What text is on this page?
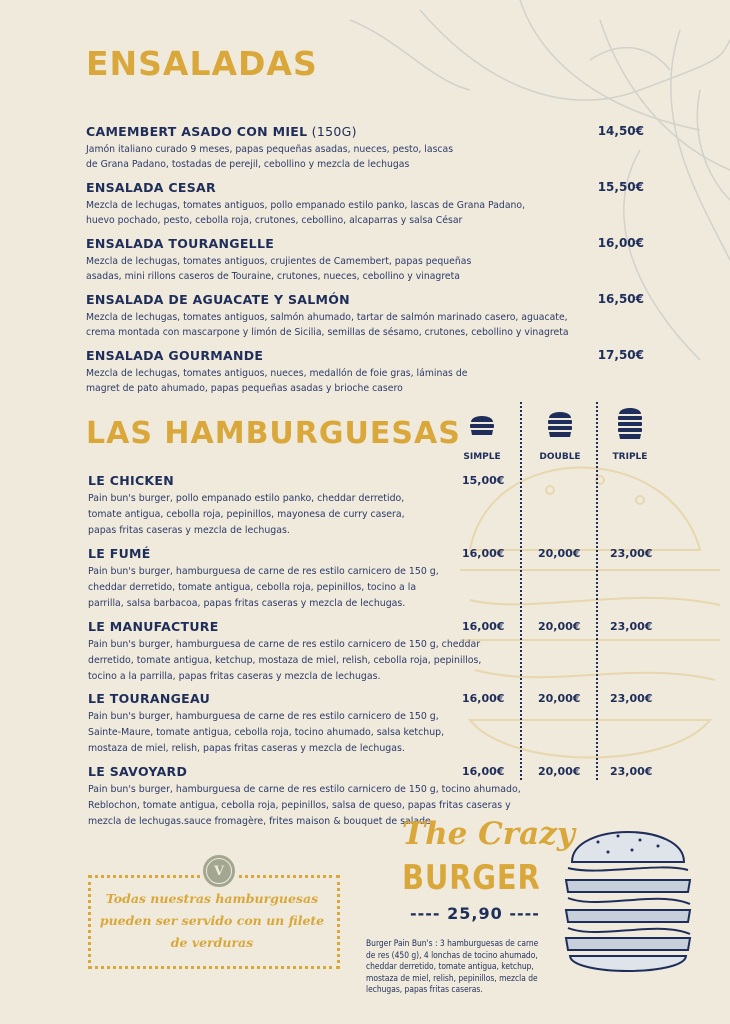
ENSALADAS
CAMEMBERT ASADO CON MIEL (150G)	14,50€
Jamón italiano curado 9 meses, papas pequeñas asadas, nueces, pesto, lascas de Grana Padano, tostadas de perejil, cebollino y mezcla de lechugas
ENSALADA CESAR	15,50€
Mezcla de lechugas, tomates antiguos, pollo empanado estilo panko, lascas de Grana Padano, huevo pochado, pesto, cebolla roja, crutones, cebollino, alcaparras y salsa César
ENSALADA TOURANGELLE	16,00€
Mezcla de lechugas, tomates antiguos, crujientes de Camembert, papas pequeñas asadas, mini rillons caseros de Touraine, crutones, nueces, cebollino y vinagreta
ENSALADA DE AGUACATE Y SALMÓN	16,50€
Mezcla de lechugas, tomates antiguos, salmón ahumado, tartar de salmón marinado casero, aguacate, crema montada con mascarpone y limón de Sicilia, semillas de sésamo, crutones, cebollino y vinagreta
ENSALADA GOURMANDE	17,50€
Mezcla de lechugas, tomates antiguos, nueces, medallón de foie gras, láminas de magret de pato ahumado, papas pequeñas asadas y brioche casero
LAS HAMBURGUESAS
SIMPLE	DOUBLE	TRIPLE
LE CHICKEN	15,00€
Pain bun's burger, pollo empanado estilo panko, cheddar derretido, tomate antigua, cebolla roja, pepinillos, mayonesa de curry casera, papas fritas caseras y mezcla de lechugas.
LE FUMÉ	16,00€	20,00€	23,00€
Pain bun's burger, hamburguesa de carne de res estilo carnicero de 150 g, cheddar derretido, tomate antigua, cebolla roja, pepinillos, tocino a la parrilla, salsa barbacoa, papas fritas caseras y mezcla de lechugas.
LE MANUFACTURE	16,00€	20,00€	23,00€
Pain bun's burger, hamburguesa de carne de res estilo carnicero de 150 g, cheddar derretido, tomate antigua, ketchup, mostaza de miel, relish, cebolla roja, pepinillos, tocino a la parrilla, papas fritas caseras y mezcla de lechugas.
LE TOURANGEAU	16,00€	20,00€	23,00€
Pain bun's burger, hamburguesa de carne de res estilo carnicero de 150 g, Sainte-Maure, tomate antigua, cebolla roja, tocino ahumado, salsa ketchup, mostaza de miel, relish, papas fritas caseras y mezcla de lechugas.
LE SAVOYARD	16,00€	20,00€	23,00€
Pain bun's burger, hamburguesa de carne de res estilo carnicero de 150 g, tocino ahumado, Reblochon, tomate antigua, cebolla roja, pepinillos, salsa de queso, papas fritas caseras y mezcla de lechugas.sauce fromagère, frites maison & bouquet de salade
V
Todas nuestras hamburguesas pueden ser servido con un filete de verduras
The Crazy
BURGER
---- 25,90 ----
Burger Pain Bun's : 3 hamburguesas de carne de res (450 g), 4 lonchas de tocino ahumado, cheddar derretido, tomate antigua, ketchup, mostaza de miel, relish, pepinillos, mezcla de lechugas, papas fritas caseras.
